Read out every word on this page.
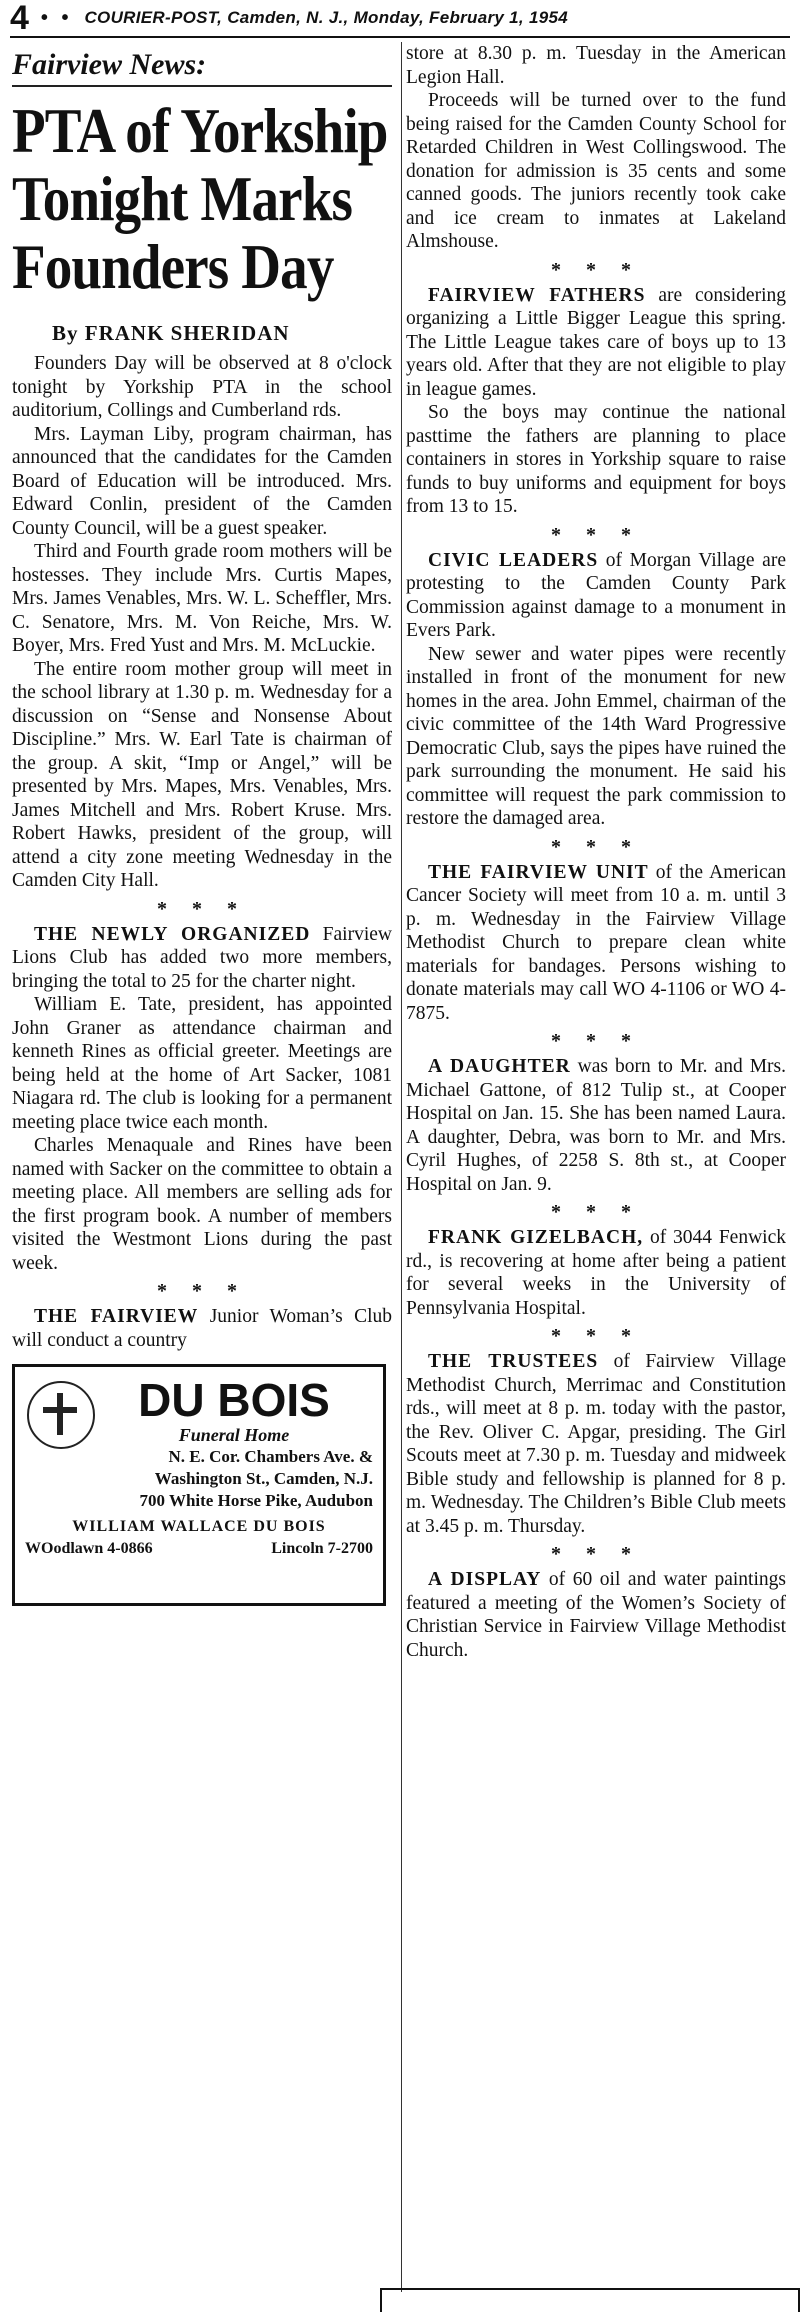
4 • • COURIER-POST, Camden, N. J., Monday, February 1, 1954
Fairview News:
PTA of Yorkship Tonight Marks Founders Day
By FRANK SHERIDAN

Founders Day will be observed at 8 o'clock tonight by Yorkship PTA in the school auditorium, Collings and Cumberland rds.

Mrs. Layman Liby, program chairman, has announced that the candidates for the Camden Board of Education will be introduced. Mrs. Edward Conlin, president of the Camden County Council, will be a guest speaker.

Third and Fourth grade room mothers will be hostesses. They include Mrs. Curtis Mapes, Mrs. James Venables, Mrs. W. L. Scheffler, Mrs. C. Senatore, Mrs. M. Von Reiche, Mrs. W. Boyer, Mrs. Fred Yust and Mrs. M. McLuckie.

The entire room mother group will meet in the school library at 1.30 p. m. Wednesday for a discussion on “Sense and Nonsense About Discipline.” Mrs. W. Earl Tate is chairman of the group. A skit, “Imp or Angel,” will be presented by Mrs. Mapes, Mrs. Venables, Mrs. James Mitchell and Mrs. Robert Kruse. Mrs. Robert Hawks, president of the group, will attend a city zone meeting Wednesday in the Camden City Hall.

* * *

THE NEWLY ORGANIZED Fairview Lions Club has added two more members, bringing the total to 25 for the charter night.

William E. Tate, president, has appointed John Graner as attendance chairman and kenneth Rines as official greeter. Meetings are being held at the home of Art Sacker, 1081 Niagara rd. The club is looking for a permanent meeting place twice each month.

Charles Menaquale and Rines have been named with Sacker on the committee to obtain a meeting place. All members are selling ads for the first program book. A number of members visited the Westmont Lions during the past week.

* * *

THE FAIRVIEW Junior Woman’s Club will conduct a country

DU BOIS
Funeral Home
N. E. Cor. Chambers Ave. &
Washington St., Camden, N.J.
700 White Horse Pike, Audubon
WILLIAM WALLACE DU BOIS
WOodlawn 4-0866	Lincoln 7-2700

store at 8.30 p. m. Tuesday in the American Legion Hall.

Proceeds will be turned over to the fund being raised for the Camden County School for Retarded Children in West Collingswood. The donation for admission is 35 cents and some canned goods. The juniors recently took cake and ice cream to inmates at Lakeland Almshouse.

* * *

FAIRVIEW FATHERS are considering organizing a Little Bigger League this spring. The Little League takes care of boys up to 13 years old. After that they are not eligible to play in league games.

So the boys may continue the national pasttime the fathers are planning to place containers in stores in Yorkship square to raise funds to buy uniforms and equipment for boys from 13 to 15.

* * *

CIVIC LEADERS of Morgan Village are protesting to the Camden County Park Commission against damage to a monument in Evers Park.

New sewer and water pipes were recently installed in front of the monument for new homes in the area. John Emmel, chairman of the civic committee of the 14th Ward Progressive Democratic Club, says the pipes have ruined the park surrounding the monument. He said his committee will request the park commission to restore the damaged area.

* * *

THE FAIRVIEW UNIT of the American Cancer Society will meet from 10 a. m. until 3 p. m. Wednesday in the Fairview Village Methodist Church to prepare clean white materials for bandages. Persons wishing to donate materials may call WO 4-1106 or WO 4-7875.

* * *

A DAUGHTER was born to Mr. and Mrs. Michael Gattone, of 812 Tulip st., at Cooper Hospital on Jan. 15. She has been named Laura. A daughter, Debra, was born to Mr. and Mrs. Cyril Hughes, of 2258 S. 8th st., at Cooper Hospital on Jan. 9.

* * *

FRANK GIZELBACH, of 3044 Fenwick rd., is recovering at home after being a patient for several weeks in the University of Pennsylvania Hospital.

* * *

THE TRUSTEES of Fairview Village Methodist Church, Merrimac and Constitution rds., will meet at 8 p. m. today with the pastor, the Rev. Oliver C. Apgar, presiding. The Girl Scouts meet at 7.30 p. m. Tuesday and midweek Bible study and fellowship is planned for 8 p. m. Wednesday. The Children’s Bible Club meets at 3.45 p. m. Thursday.

* * *

A DISPLAY of 60 oil and water paintings featured a meeting of the Women’s Society of Christian Service in Fairview Village Methodist Church.
